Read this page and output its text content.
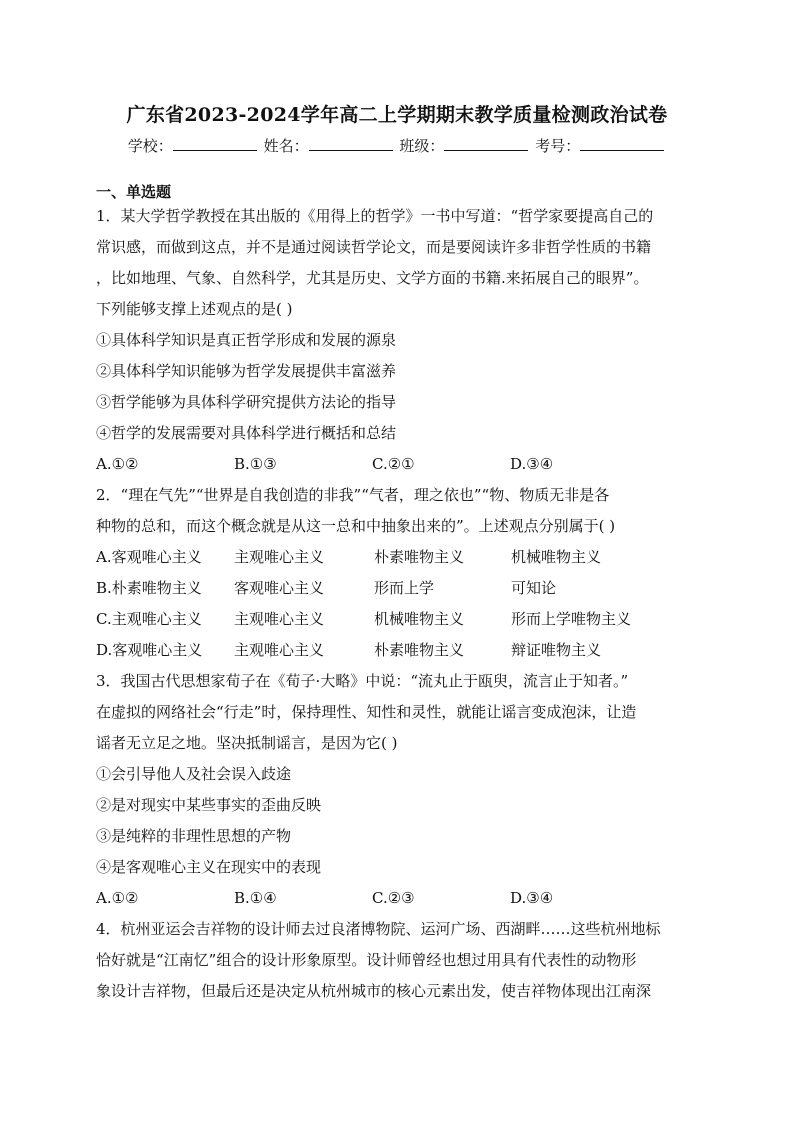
广东省2023-2024学年高二上学期期末教学质量检测政治试卷
学校：	姓名：	班级：	考号：
一、单选题
1．某大学哲学教授在其出版的《用得上的哲学》一书中写道：“哲学家要提高自己的
常识感，而做到这点，并不是通过阅读哲学论文，而是要阅读许多非哲学性质的书籍
，比如地理、气象、自然科学，尤其是历史、文学方面的书籍.来拓展自己的眼界”。
下列能够支撑上述观点的是( )
①具体科学知识是真正哲学形成和发展的源泉
②具体科学知识能够为哲学发展提供丰富滋养
③哲学能够为具体科学研究提供方法论的指导
④哲学的发展需要对具体科学进行概括和总结
A.①②	B.①③	C.②①	D.③④
2．“理在气先”“世界是自我创造的非我”“气者，理之依也”“物、物质无非是各
种物的总和，而这个概念就是从这一总和中抽象出来的”。上述观点分别属于( )
A.客观唯心主义	主观唯心主义	朴素唯物主义	机械唯物主义
B.朴素唯物主义	客观唯心主义	形而上学	可知论
C.主观唯心主义	主观唯心主义	机械唯物主义	形而上学唯物主义
D.客观唯心主义	主观唯心主义	朴素唯物主义	辩证唯物主义
3．我国古代思想家荀子在《荀子·大略》中说：“流丸止于瓯臾，流言止于知者。”
在虚拟的网络社会“行走”时，保持理性、知性和灵性，就能让谣言变成泡沫，让造
谣者无立足之地。坚决抵制谣言，是因为它( )
①会引导他人及社会误入歧途
②是对现实中某些事实的歪曲反映
③是纯粹的非理性思想的产物
④是客观唯心主义在现实中的表现
A.①②	B.①④	C.②③	D.③④
4．杭州亚运会吉祥物的设计师去过良渚博物院、运河广场、西湖畔……这些杭州地标
恰好就是“江南忆”组合的设计形象原型。设计师曾经也想过用具有代表性的动物形
象设计吉祥物，但最后还是决定从杭州城市的核心元素出发，使吉祥物体现出江南深
